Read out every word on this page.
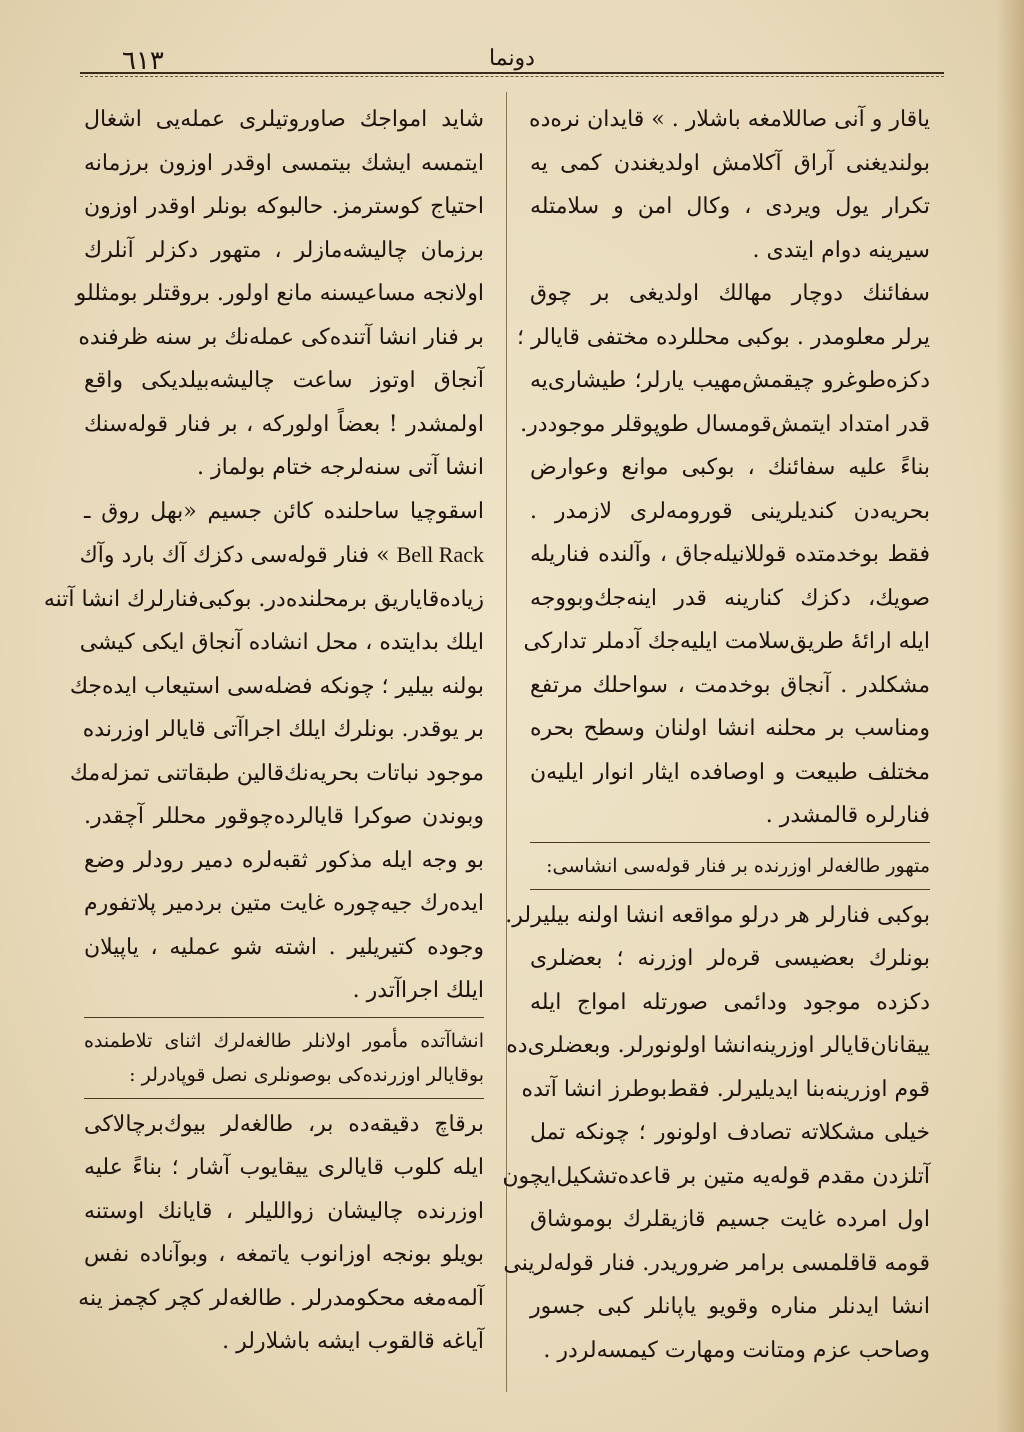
٦١٣	دونما
یاقار و آنی صاللامغه باشلار . » قایدان نرەدە
بولندیغنی آراق آکلامش اولدیغندن کمی یه
تکرار یول ویردی ، وکال امن و سلامتله
سیرینه دوام ایتدی .
سفائنك دوچار مهالك اولدیغی بر چوق
یرلر معلومدر . بوکبی محللرده مختفی قایالر ؛
دکزه‌طوغرو چیقمش‌مهیب یارلر؛ طیشاری‌یه
قدر امتداد ایتمش‌قومسال طوپوقلر موجوددر.
بناءً علیه سفائنك ، بوکبی موانع وعوارض
بحریه‌دن کندیلرینی قورومه‌لری لازمدر .
فقط بوخدمتده قوللانیله‌جاق ، وآلنده فناریله
صویك، دکزك کنارینه قدر اینه‌جك‌وبو‌وجه
ایله ارائهٔ طریق‌سلامت ایلیه‌جك آدملر تدارکی
مشکلدر . آنجاق بوخدمت ، سواحلك مرتفع
ومناسب بر محلنه انشا اولنان وسطح بحره
مختلف طبیعت و اوصافده ایثار انوار ایلیه‌ن
فنارلره قالمشدر .
متهور طالغه‌لر اوزرنده بر فنار قوله‌سی انشاسی:
بوکبی فنارلر هر درلو مواقعه انشا اولنه بیلیرلر.
بونلرك بعضیسی قره‌لر اوزرنه ؛ بعضلری
دکزده موجود ودائمی صورتله امواج ایله
ییقانان‌قایالر اوزرینه‌انشا اولونورلر. وبعضلری‌ده
قوم اوزرینه‌بنا ایدیلیرلر. فقط‌بوطرز انشا آتده
خیلی مشکلاته تصادف اولونور ؛ چونکه تمل
آتلزدن مقدم قوله‌یه متین بر قاعده‌تشکیل‌ایچون
اول امرده غایت جسیم قازیقلرك بوموشاق
قومه قاقلمسی برامر ضروریدر. فنار قوله‌لرینی
انشا ایدنلر مناره وقویو یاپانلر کبی جسور
وصاحب عزم ومتانت ومهارت کیمسه‌لردر .
شاید امواجك صاوروتیلری عمله‌یی اشغال
ایتمسه ایشك بیتمسی اوقدر اوزون برزمانه
احتیاج کوسترمز. حالبوکه بونلر اوقدر اوزون
برزمان چالیشه‌مازلر ، متهور دکزلر آنلرك
اولانجه مساعیسنه مانع اولور. بروقتلر بومثللو
بر فنار انشا آتنده‌کی عمله‌نك بر سنه ظرفنده
آنجاق اوتوز ساعت چالیشه‌بیلدیکی واقع
اولمشدر ! بعضاً اولورکه ، بر فنار قوله‌سنك
انشا آتی سنه‌لرجه ختام بولماز .
اسقوچیا ساحلنده کائن جسیم «بهل روق ـ
Bell Rack » فنار قوله‌سی دکزك آك بارد وآك
زیاده‌قایاریق برمحلنده‌در. بوکبی‌فنارلرك انشا آتنه
ایلك بدایتده ، محل انشاده آنجاق ایکی کیشی
بولنه بیلیر ؛ چونکه فضله‌سی استیعاب ایده‌جك
بر یوقدر. بونلرك ایلك اجراآتی قایالر اوزرنده
موجود نباتات بحریه‌نك‌قالین طبقاتنی تمزله‌مك
وبوندن صوکرا قایالرده‌چوقور محللر آچقدر.
بو وجه ایله مذکور ثقبه‌لره دمیر رودلر وضع
ایده‌رك جیه‌چوره غایت متین بردمیر پلاتفورم
وجوده کتیریلیر . اشته شو عملیه ، یاپیلان
ایلك اجراآتدر .
انشاآتده مأمور اولانلر طالغه‌لرك اثنای تلاطمنده بوقایالر اوزرنده‌کی بوصونلری نصل قوپادرلر :
برقاچ دقیقه‌ده بر، طالغه‌لر بیوك‌برچالاکی
ایله کلوب قایالری ییقایوب آشار ؛ بناءً علیه
اوزرنده چالیشان زواللیلر ، قایانك اوستنه
بویلو بونجه اوزانوب یاتمغه ، وبوآناده نفس
آلمه‌مغه محکومدرلر . طالغه‌لر کچر کچمز ینه
آیاغه قالقوب ایشه باشلارلر .
